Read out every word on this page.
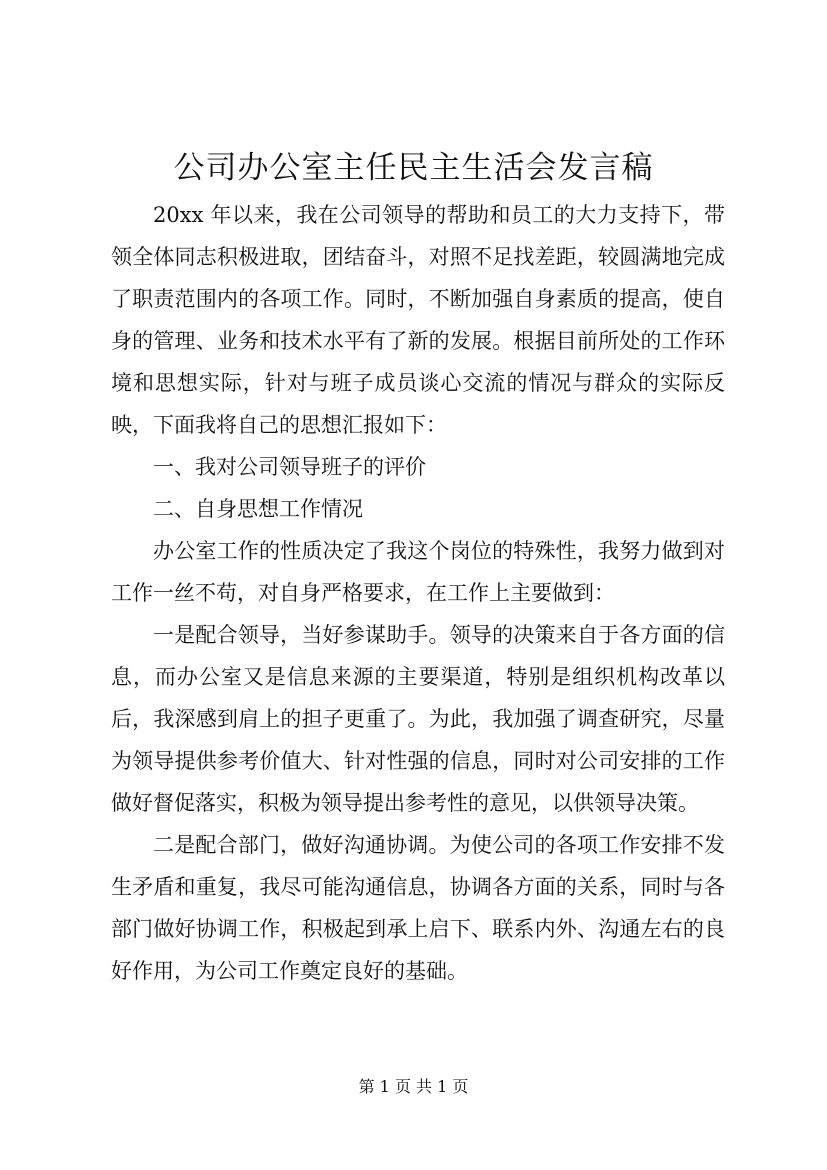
公司办公室主任民主生活会发言稿

20xx 年以来，我在公司领导的帮助和员工的大力支持下，带领全体同志积极进取，团结奋斗，对照不足找差距，较圆满地完成了职责范围内的各项工作。同时，不断加强自身素质的提高，使自身的管理、业务和技术水平有了新的发展。根据目前所处的工作环境和思想实际，针对与班子成员谈心交流的情况与群众的实际反映，下面我将自己的思想汇报如下：

一、我对公司领导班子的评价

二、自身思想工作情况

办公室工作的性质决定了我这个岗位的特殊性，我努力做到对工作一丝不苟，对自身严格要求，在工作上主要做到：

一是配合领导，当好参谋助手。领导的决策来自于各方面的信息，而办公室又是信息来源的主要渠道，特别是组织机构改革以后，我深感到肩上的担子更重了。为此，我加强了调查研究，尽量为领导提供参考价值大、针对性强的信息，同时对公司安排的工作做好督促落实，积极为领导提出参考性的意见，以供领导决策。

二是配合部门，做好沟通协调。为使公司的各项工作安排不发生矛盾和重复，我尽可能沟通信息，协调各方面的关系，同时与各部门做好协调工作，积极起到承上启下、联系内外、沟通左右的良好作用，为公司工作奠定良好的基础。

第 1 页 共 1 页
